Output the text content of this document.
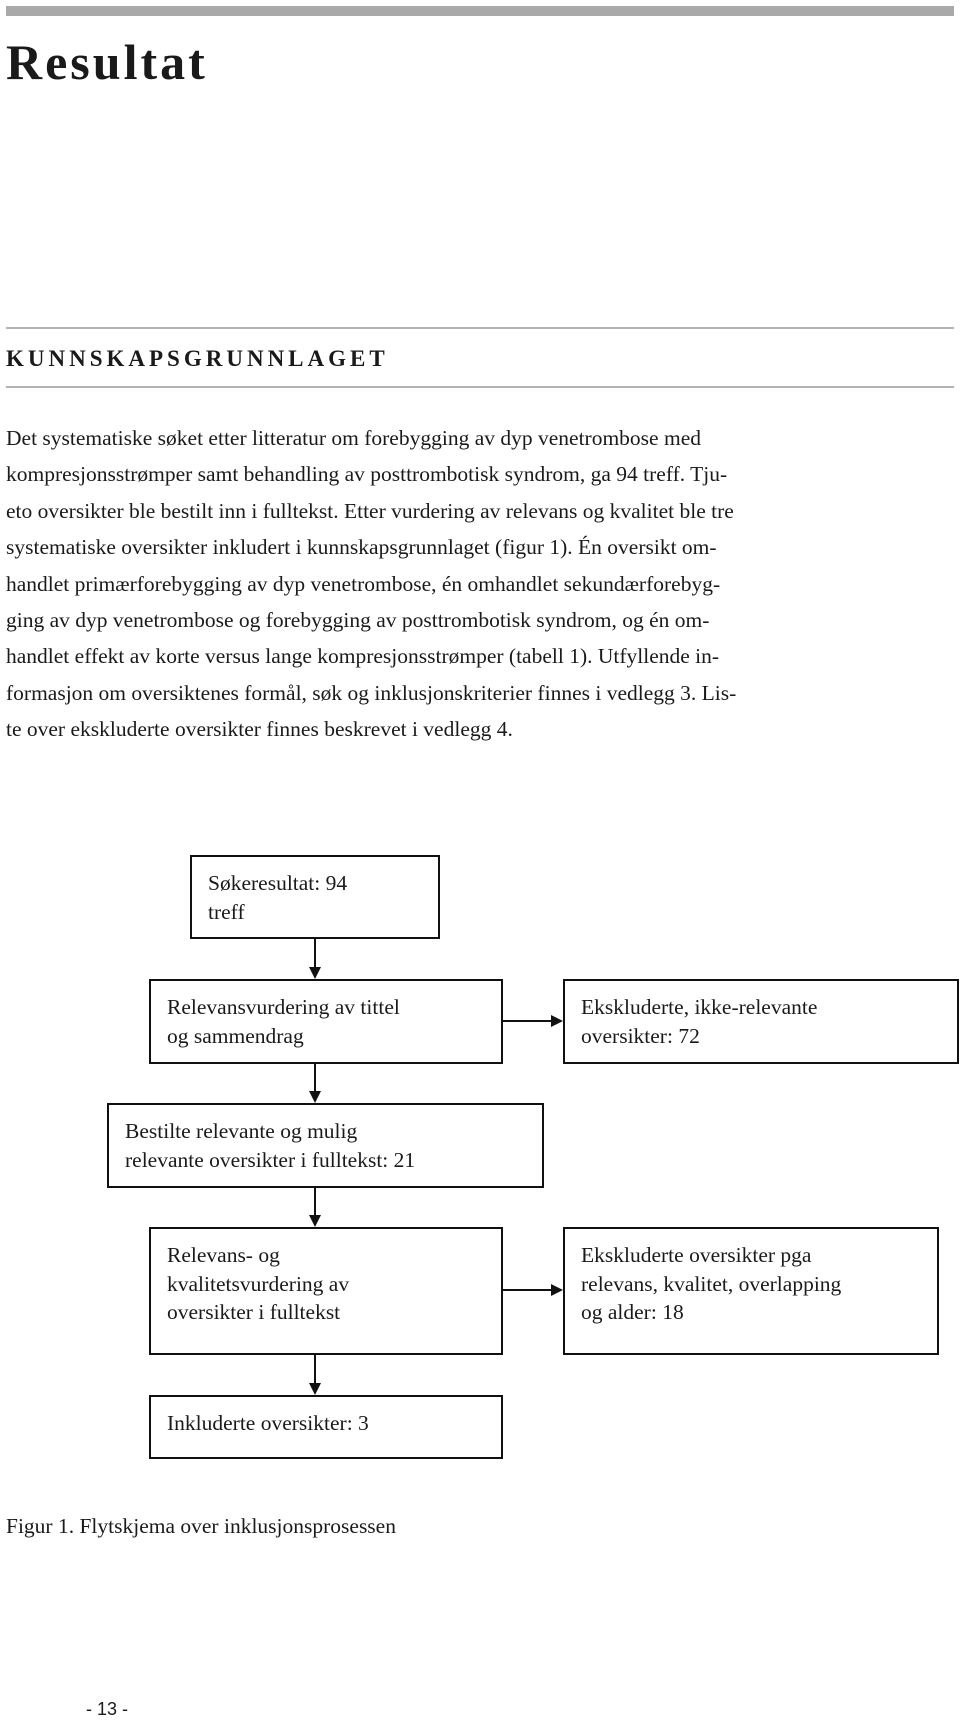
Resultat
KUNNSKAPSGRUNNLAGET

Det systematiske søket etter litteratur om forebygging av dyp venetrombose med
kompresjonsstrømper samt behandling av posttrombotisk syndrom, ga 94 treff. Tju-
eto oversikter ble bestilt inn i fulltekst. Etter vurdering av relevans og kvalitet ble tre
systematiske oversikter inkludert i kunnskapsgrunnlaget (figur 1). Én oversikt om-
handlet primærforebygging av dyp venetrombose, én omhandlet sekundærforebyg-
ging av dyp venetrombose og forebygging av posttrombotisk syndrom, og én om-
handlet effekt av korte versus lange kompresjonsstrømper (tabell 1). Utfyllende in-
formasjon om oversiktenes formål, søk og inklusjonskriterier finnes i vedlegg 3. Lis-
te over ekskluderte oversikter finnes beskrevet i vedlegg 4.

Søkeresultat: 94
treff
Relevansvurdering av tittel
og sammendrag
Ekskluderte, ikke-relevante
oversikter: 72
Bestilte relevante og mulig
relevante oversikter i fulltekst: 21
Relevans- og
kvalitetsvurdering av
oversikter i fulltekst
Ekskluderte oversikter pga
relevans, kvalitet, overlapping
og alder: 18
Inkluderte oversikter: 3

Figur 1. Flytskjema over inklusjonsprosessen

- 13 -
